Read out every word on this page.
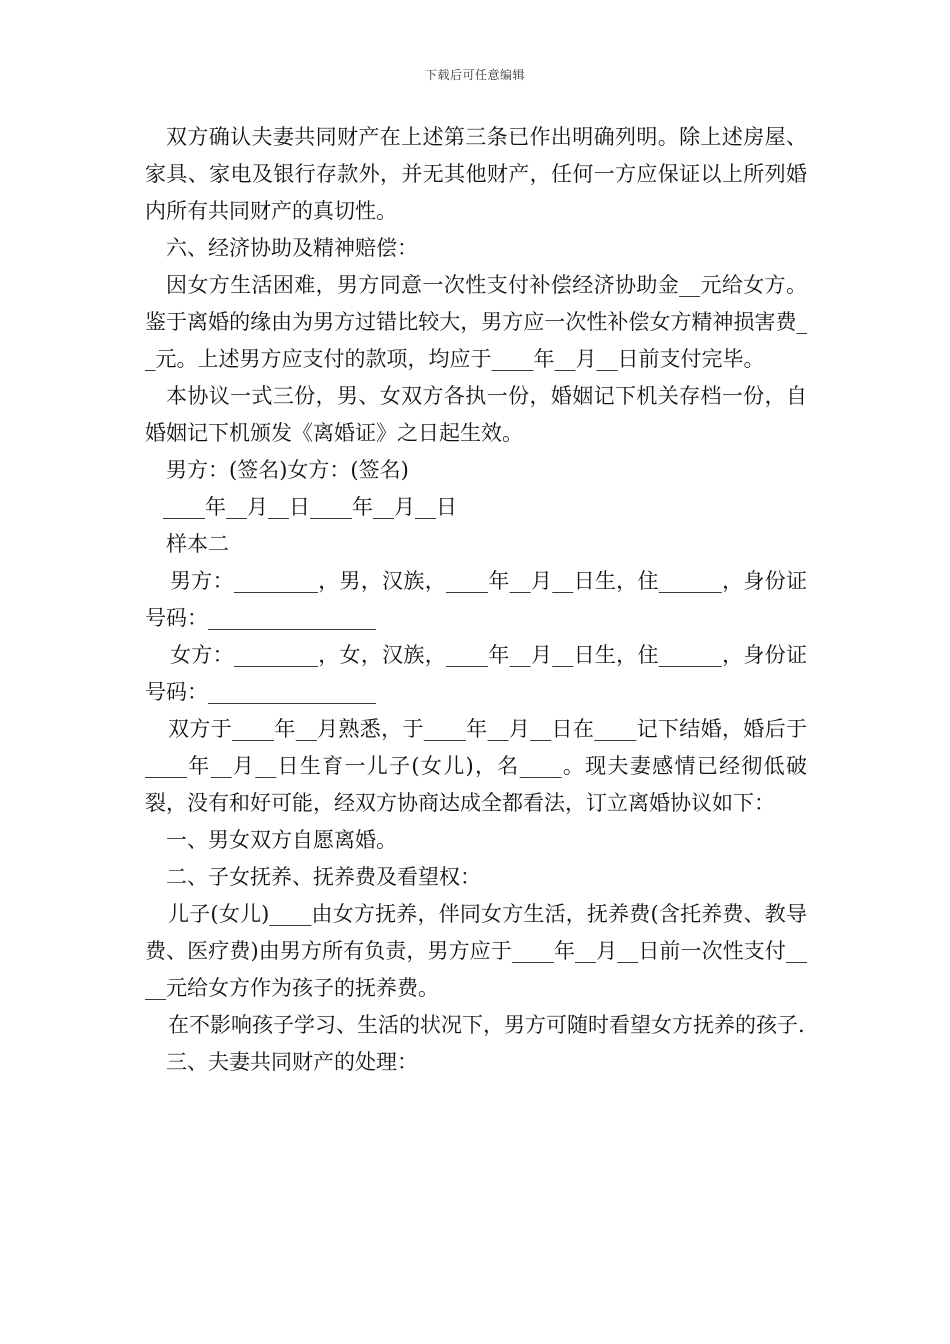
下载后可任意编辑

双方确认夫妻共同财产在上述第三条已作出明确列明。除上述房屋、家具、家电及银行存款外，并无其他财产，任何一方应保证以上所列婚内所有共同财产的真切性。

六、经济协助及精神赔偿：

因女方生活困难，男方同意一次性支付补偿经济协助金__元给女方。鉴于离婚的缘由为男方过错比较大，男方应一次性补偿女方精神损害费__元。上述男方应支付的款项，均应于____年__月__日前支付完毕。

本协议一式三份，男、女双方各执一份，婚姻记下机关存档一份，自婚姻记下机颁发《离婚证》之日起生效。

男方：(签名)女方：(签名)

____年__月__日____年__月__日

样本二

男方：________，男，汉族，____年__月__日生，住______，身份证号码：________________

女方：________，女，汉族，____年__月__日生，住______，身份证号码：________________

双方于____年__月熟悉，于____年__月__日在____记下结婚，婚后于____年__月__日生育一儿子(女儿)，名____。现夫妻感情已经彻低破裂，没有和好可能，经双方协商达成全都看法，订立离婚协议如下：

一、男女双方自愿离婚。

二、子女抚养、抚养费及看望权：

儿子(女儿)____由女方抚养，伴同女方生活，抚养费(含托养费、教导费、医疗费)由男方所有负责，男方应于____年__月__日前一次性支付____元给女方作为孩子的抚养费。

在不影响孩子学习、生活的状况下，男方可随时看望女方抚养的孩子.

三、夫妻共同财产的处理：
